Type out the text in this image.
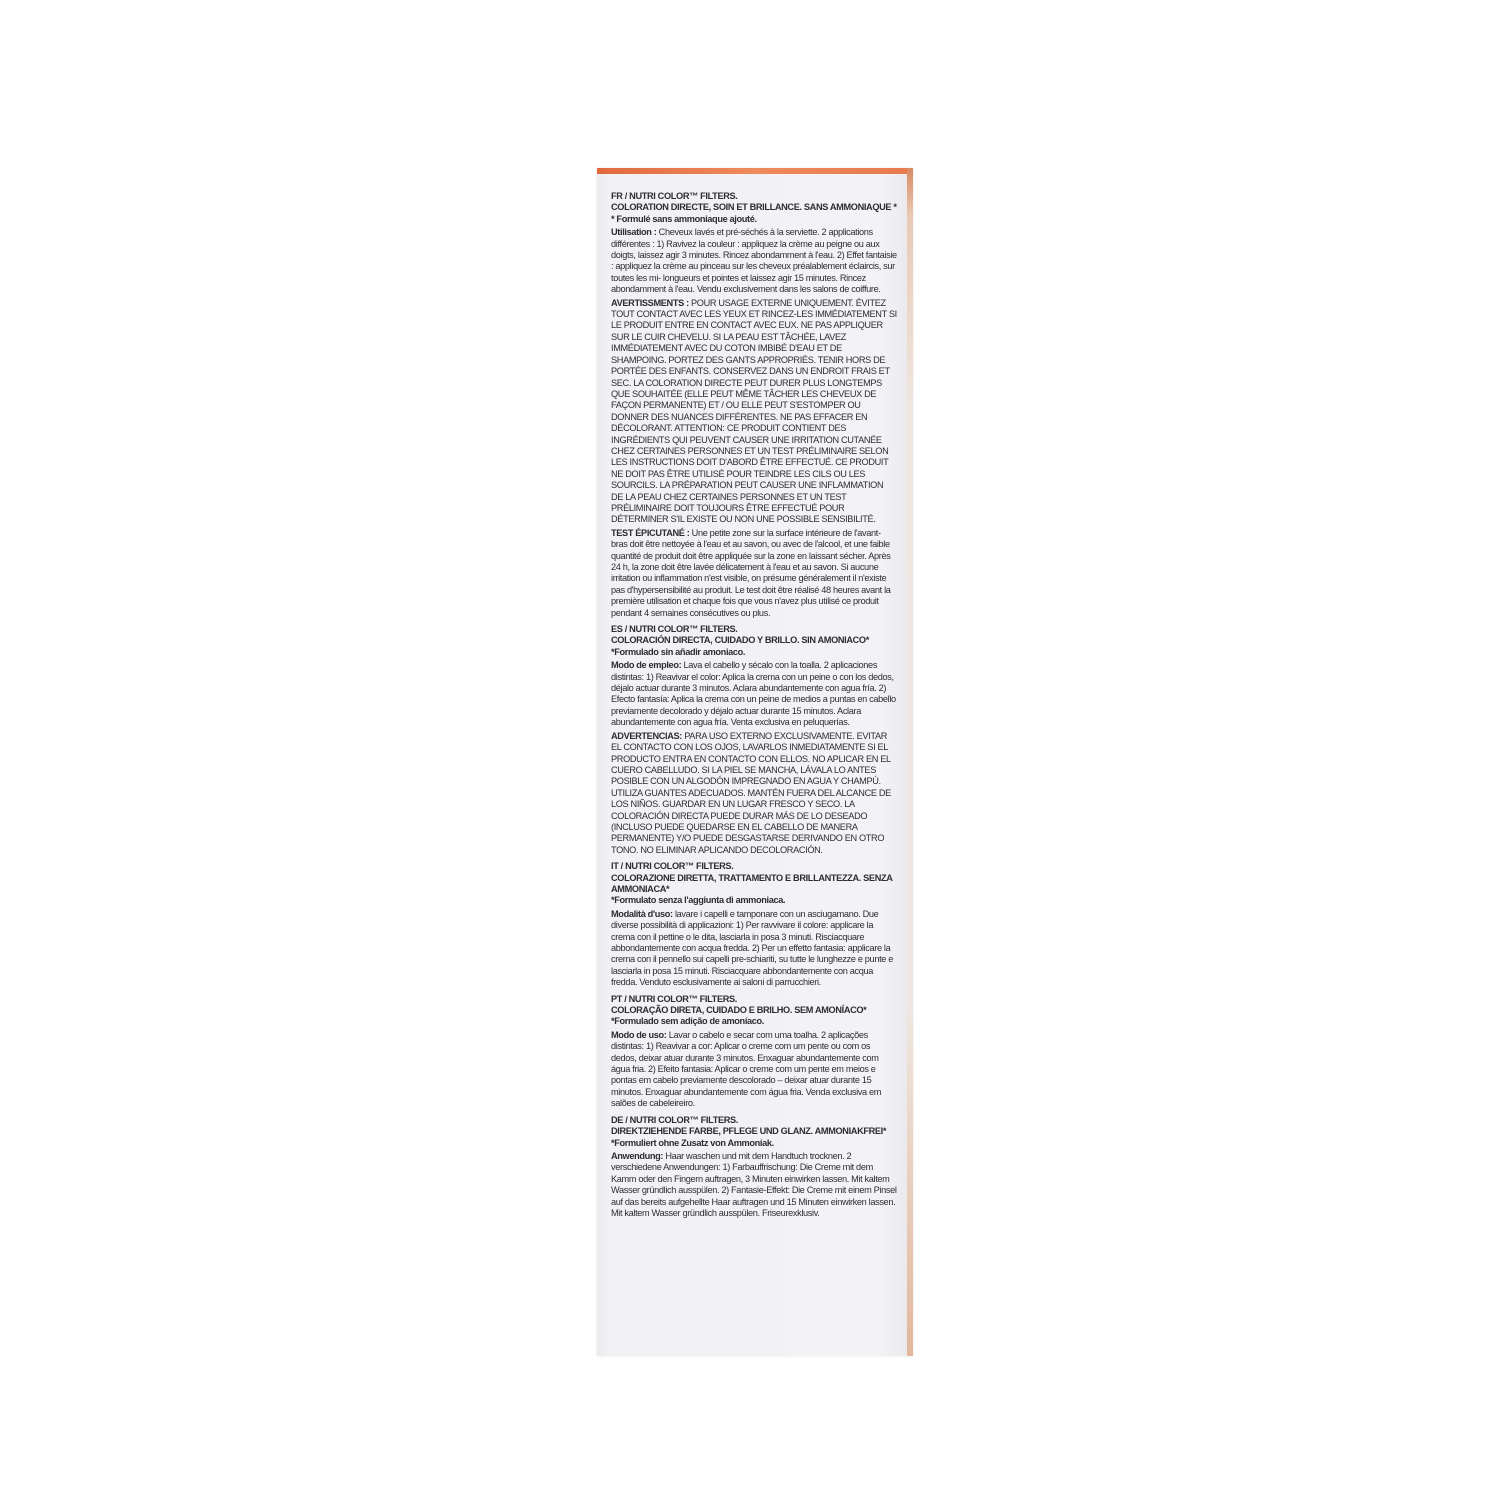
FR / NUTRI COLOR™ FILTERS.
COLORATION DIRECTE, SOIN ET BRILLANCE. SANS AMMONIAQUE *
* Formulé sans ammoniaque ajouté.
Utilisation : Cheveux lavés et pré-séchés à la serviette. 2 applications différentes : 1) Ravivez la couleur : appliquez la crème au peigne ou aux doigts, laissez agir 3 minutes. Rincez abondamment à l'eau. 2) Effet fantaisie : appliquez la crème au pinceau sur les cheveux préalablement éclaircis, sur toutes les mi- longueurs et pointes et laissez agir 15 minutes. Rincez abondamment à l'eau. Vendu exclusivement dans les salons de coiffure.
AVERTISSMENTS : POUR USAGE EXTERNE UNIQUEMENT. ÉVITEZ TOUT CONTACT AVEC LES YEUX ET RINCEZ-LES IMMÉDIATEMENT SI LE PRODUIT ENTRE EN CONTACT AVEC EUX. NE PAS APPLIQUER SUR LE CUIR CHEVELU. SI LA PEAU EST TÂCHÉE, LAVEZ IMMÉDIATEMENT AVEC DU COTON IMBIBÉ D'EAU ET DE SHAMPOING. PORTEZ DES GANTS APPROPRIÉS. TENIR HORS DE PORTÉE DES ENFANTS. CONSERVEZ DANS UN ENDROIT FRAIS ET SEC. LA COLORATION DIRECTE PEUT DURER PLUS LONGTEMPS QUE SOUHAITÉE (ELLE PEUT MÊME TÂCHER LES CHEVEUX DE FAÇON PERMANENTE) ET / OU ELLE PEUT S'ESTOMPER OU DONNER DES NUANCES DIFFÉRENTES. NE PAS EFFACER EN DÉCOLORANT. ATTENTION: CE PRODUIT CONTIENT DES INGRÉDIENTS QUI PEUVENT CAUSER UNE IRRITATION CUTANÉE CHEZ CERTAINES PERSONNES ET UN TEST PRÉLIMINAIRE SELON LES INSTRUCTIONS DOIT D'ABORD ÊTRE EFFECTUÉ. CE PRODUIT NE DOIT PAS ÊTRE UTILISÉ POUR TEINDRE LES CILS OU LES SOURCILS. LA PRÉPARATION PEUT CAUSER UNE INFLAMMATION DE LA PEAU CHEZ CERTAINES PERSONNES ET UN TEST PRÉLIMINAIRE DOIT TOUJOURS ÊTRE EFFECTUÉ POUR DÉTERMINER S'IL EXISTE OU NON UNE POSSIBLE SENSIBILITÉ.
TEST ÉPICUTANÉ : Une petite zone sur la surface intérieure de l'avant-bras doit être nettoyée à l'eau et au savon, ou avec de l'alcool, et une faible quantité de produit doit être appliquée sur la zone en laissant sécher. Après 24 h, la zone doit être lavée délicatement à l'eau et au savon. Si aucune irritation ou inflammation n'est visible, on présume généralement il n'existe pas d'hypersensibilité au produit. Le test doit être réalisé 48 heures avant la première utilisation et chaque fois que vous n'avez plus utilisé ce produit pendant 4 semaines consécutives ou plus.
ES / NUTRI COLOR™ FILTERS.
COLORACIÓN DIRECTA, CUIDADO Y BRILLO. SIN AMONIACO*
*Formulado sin añadir amoniaco.
Modo de empleo: Lava el cabello y sécalo con la toalla. 2 aplicaciones distintas: 1) Reavivar el color: Aplica la crema con un peine o con los dedos, déjalo actuar durante 3 minutos. Aclara abundantemente con agua fría. 2) Efecto fantasía: Aplica la crema con un peine de medios a puntas en cabello previamente decolorado y déjalo actuar durante 15 minutos. Aclara abundantemente con agua fría. Venta exclusiva en peluquerías.
ADVERTENCIAS: PARA USO EXTERNO EXCLUSIVAMENTE. EVITAR EL CONTACTO CON LOS OJOS, LAVARLOS INMEDIATAMENTE SI EL PRODUCTO ENTRA EN CONTACTO CON ELLOS. NO APLICAR EN EL CUERO CABELLUDO. SI LA PIEL SE MANCHA, LÁVALA LO ANTES POSIBLE CON UN ALGODÓN IMPREGNADO EN AGUA Y CHAMPÚ. UTILIZA GUANTES ADECUADOS. MANTÉN FUERA DEL ALCANCE DE LOS NIÑOS. GUARDAR EN UN LUGAR FRESCO Y SECO. LA COLORACIÓN DIRECTA PUEDE DURAR MÁS DE LO DESEADO (INCLUSO PUEDE QUEDARSE EN EL CABELLO DE MANERA PERMANENTE) Y/O PUEDE DESGASTARSE DERIVANDO EN OTRO TONO. NO ELIMINAR APLICANDO DECOLORACIÓN.
IT / NUTRI COLOR™ FILTERS.
COLORAZIONE DIRETTA, TRATTAMENTO E BRILLANTEZZA. SENZA AMMONIACA*
*Formulato senza l'aggiunta di ammoniaca.
Modalità d'uso: lavare i capelli e tamponare con un asciugamano. Due diverse possibilità di applicazioni: 1) Per ravvivare il colore: applicare la crema con il pettine o le dita, lasciarla in posa 3 minuti. Risciacquare abbondantemente con acqua fredda. 2) Per un effetto fantasia: applicare la crema con il pennello sui capelli pre-schiariti, su tutte le lunghezze e punte e lasciarla in posa 15 minuti. Risciacquare abbondantemente con acqua fredda. Venduto esclusivamente ai saloni di parrucchieri.
PT / NUTRI COLOR™ FILTERS.
COLORAÇÃO DIRETA, CUIDADO E BRILHO. SEM AMONÍACO*
*Formulado sem adição de amoníaco.
Modo de uso: Lavar o cabelo e secar com uma toalha. 2 aplicações distintas: 1) Reavivar a cor: Aplicar o creme com um pente ou com os dedos, deixar atuar durante 3 minutos. Enxaguar abundantemente com água fria. 2) Efeito fantasia: Aplicar o creme com um pente em meios e pontas em cabelo previamente descolorado – deixar atuar durante 15 minutos. Enxaguar abundantemente com água fria. Venda exclusiva em salões de cabeleireiro.
DE / NUTRI COLOR™ FILTERS.
DIREKTZIEHENDE FARBE, PFLEGE UND GLANZ. AMMONIAKFREI*
*Formuliert ohne Zusatz von Ammoniak.
Anwendung: Haar waschen und mit dem Handtuch trocknen. 2 verschiedene Anwendungen: 1) Farbauffrischung: Die Creme mit dem Kamm oder den Fingern auftragen, 3 Minuten einwirken lassen. Mit kaltem Wasser gründlich ausspülen. 2) Fantasie-Effekt: Die Creme mit einem Pinsel auf das bereits aufgehellte Haar auftragen und 15 Minuten einwirken lassen. Mit kaltem Wasser gründlich ausspülen. Friseurexklusiv.
